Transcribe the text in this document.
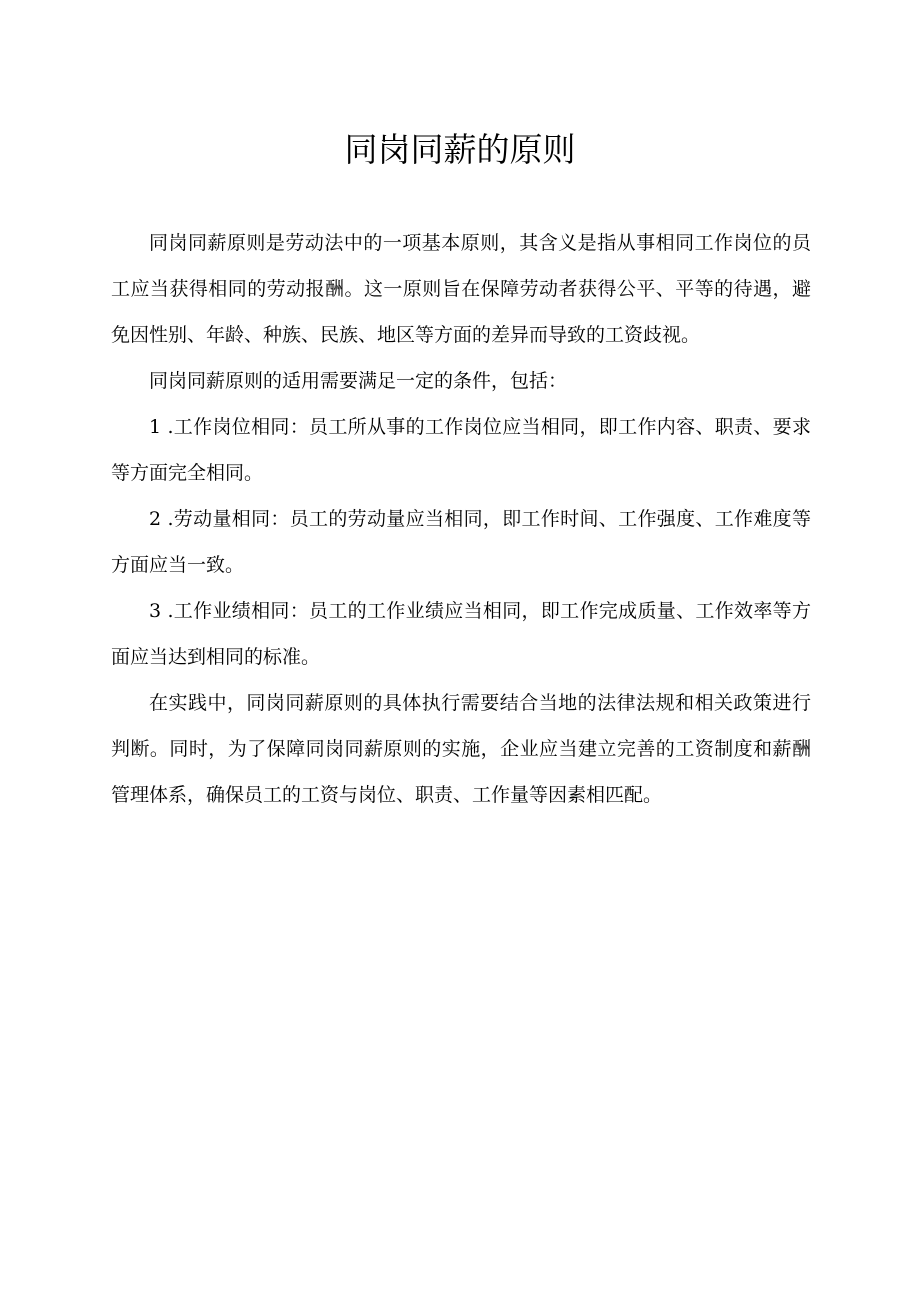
同岗同薪的原则

同岗同薪原则是劳动法中的一项基本原则，其含义是指从事相同工作岗位的员工应当获得相同的劳动报酬。这一原则旨在保障劳动者获得公平、平等的待遇，避免因性别、年龄、种族、民族、地区等方面的差异而导致的工资歧视。

同岗同薪原则的适用需要满足一定的条件，包括：

1 .工作岗位相同：员工所从事的工作岗位应当相同，即工作内容、职责、要求等方面完全相同。

2 .劳动量相同：员工的劳动量应当相同，即工作时间、工作强度、工作难度等方面应当一致。

3 .工作业绩相同：员工的工作业绩应当相同，即工作完成质量、工作效率等方面应当达到相同的标准。

在实践中，同岗同薪原则的具体执行需要结合当地的法律法规和相关政策进行判断。同时，为了保障同岗同薪原则的实施，企业应当建立完善的工资制度和薪酬管理体系，确保员工的工资与岗位、职责、工作量等因素相匹配。
